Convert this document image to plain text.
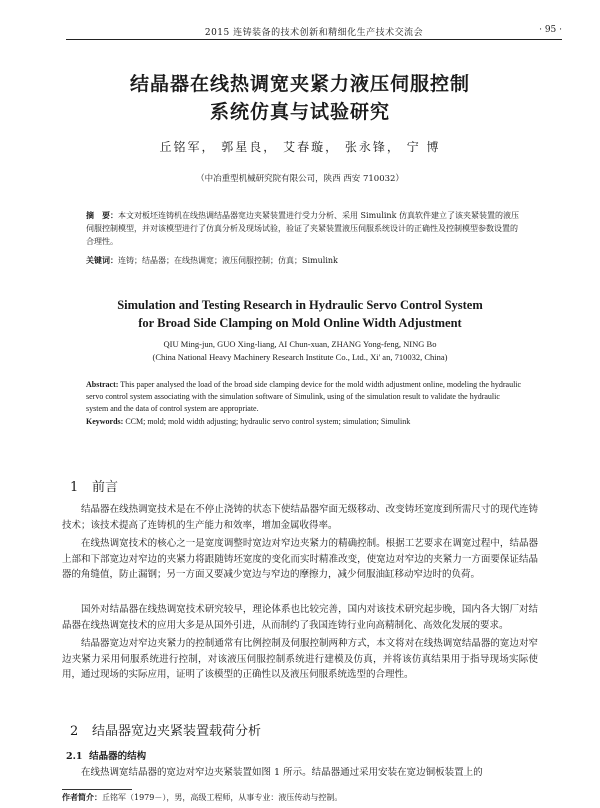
2015 连铸装备的技术创新和精细化生产技术交流会	· 95 ·
结晶器在线热调宽夹紧力液压伺服控制
系统仿真与试验研究
丘铭军， 郭星良， 艾春璇， 张永锋， 宁 博
（中冶重型机械研究院有限公司，陕西 西安 710032）
摘　要：本文对板坯连铸机在线热调结晶器宽边夹紧装置进行受力分析、采用 Simulink 仿真软件建立了该夹紧装置的液压伺服控制模型，并对该模型进行了仿真分析及现场试验，验证了夹紧装置液压伺服系统设计的正确性及控制模型参数设置的合理性。
关键词：连铸；结晶器；在线热调宽；液压伺服控制；仿真；Simulink
Simulation and Testing Research in Hydraulic Servo Control System
for Broad Side Clamping on Mold Online Width Adjustment
QIU Ming-jun, GUO Xing-liang, AI Chun-xuan, ZHANG Yong-feng, NING Bo
(China National Heavy Machinery Research Institute Co., Ltd., Xi' an, 710032, China)
Abstract: This paper analysed the load of the broad side clamping device for the mold width adjustment online, modeling the hydraulic servo control system associating with the simulation software of Simulink, using of the simulation result to validate the hydraulic system and the data of control system are appropriate.
Keywords: CCM; mold; mold width adjusting; hydraulic servo control system; simulation; Simulink
1 前言
结晶器在线热调宽技术是在不停止浇铸的状态下使结晶器窄面无级移动、改变铸坯宽度到所需尺寸的现代连铸技术；该技术提高了连铸机的生产能力和效率，增加金属收得率。
在线热调宽技术的核心之一是宽度调整时宽边对窄边夹紧力的精确控制。根据工艺要求在调宽过程中，结晶器上部和下部宽边对窄边的夹紧力将跟随铸坯宽度的变化而实时精准改变，使宽边对窄边的夹紧力一方面要保证结晶器的角缝值，防止漏钢；另一方面又要减少宽边与窄边的摩擦力，减少伺服油缸移动窄边时的负荷。
国外对结晶器在线热调宽技术研究较早，理论体系也比较完善，国内对该技术研究起步晚，国内各大钢厂对结晶器在线热调宽技术的应用大多是从国外引进，从而制约了我国连铸行业向高精制化、高效化发展的要求。
结晶器宽边对窄边夹紧力的控制通常有比例控制及伺服控制两种方式，本文将对在线热调宽结晶器的宽边对窄边夹紧力采用伺服系统进行控制，对该液压伺服控制系统进行建模及仿真，并将该仿真结果用于指导现场实际使用，通过现场的实际应用，证明了该模型的正确性以及液压伺服系统选型的合理性。
2 结晶器宽边夹紧装置载荷分析
2.1 结晶器的结构
在线热调宽结晶器的宽边对窄边夹紧装置如图 1 所示。结晶器通过采用安装在宽边铜板装置上的
作者简介：丘铭军（1979－），男，高级工程师，从事专业：液压传动与控制。
